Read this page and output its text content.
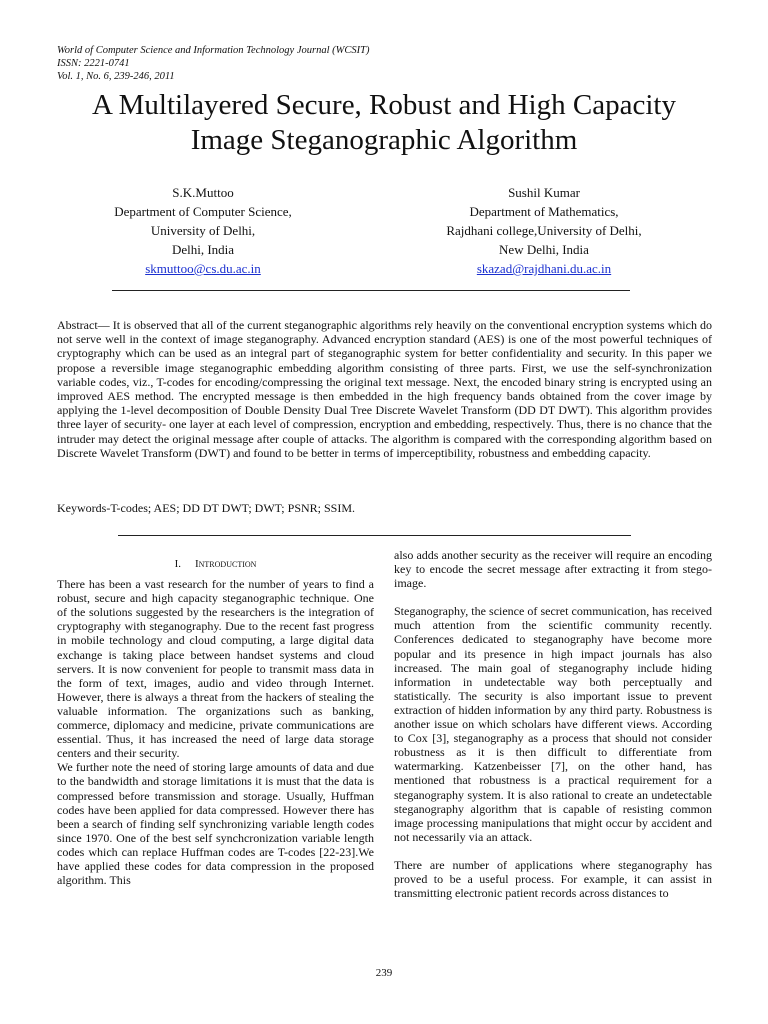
World of Computer Science and Information Technology Journal (WCSIT)
ISSN: 2221-0741
Vol. 1, No. 6, 239-246, 2011
A Multilayered Secure, Robust and High Capacity
Image Steganographic Algorithm
S.K.Muttoo
Department of Computer Science,
University of Delhi,
Delhi, India
skmuttoo@cs.du.ac.in
Sushil Kumar
Department of Mathematics,
Rajdhani college,University of Delhi,
New Delhi, India
skazad@rajdhani.du.ac.in
Abstract— It is observed that all of the current steganographic algorithms rely heavily on the conventional encryption systems which do not serve well in the context of image steganography. Advanced encryption standard (AES) is one of the most powerful techniques of cryptography which can be used as an integral part of steganographic system for better confidentiality and security. In this paper we propose a reversible image steganographic embedding algorithm consisting of three parts. First, we use the self-synchronization variable codes, viz., T-codes for encoding/compressing the original text message. Next, the encoded binary string is encrypted using an improved AES method. The encrypted message is then embedded in the high frequency bands obtained from the cover image by applying the 1-level decomposition of Double Density Dual Tree Discrete Wavelet Transform (DD DT DWT). This algorithm provides three layer of security- one layer at each level of compression, encryption and embedding, respectively. Thus, there is no chance that the intruder may detect the original message after couple of attacks. The algorithm is compared with the corresponding algorithm based on Discrete Wavelet Transform (DWT) and found to be better in terms of imperceptibility, robustness and embedding capacity.
Keywords-T-codes; AES; DD DT DWT; DWT; PSNR; SSIM.
I. Introduction

There has been a vast research for the number of years to find a robust, secure and high capacity steganographic technique. One of the solutions suggested by the researchers is the integration of cryptography with steganography. Due to the recent fast progress in mobile technology and cloud computing, a large digital data exchange is taking place between handset systems and cloud servers. It is now convenient for people to transmit mass data in the form of text, images, audio and video through Internet. However, there is always a threat from the hackers of stealing the valuable information. The organizations such as banking, commerce, diplomacy and medicine, private communications are essential. Thus, it has increased the need of large data storage centers and their security.

We further note the need of storing large amounts of data and due to the bandwidth and storage limitations it is must that the data is compressed before transmission and storage. Usually, Huffman codes have been applied for data compressed. However there has been a search of finding self synchronizing variable length codes since 1970. One of the best self synchcronization variable length codes which can replace Huffman codes are T-codes [22-23].We have applied these codes for data compression in the proposed algorithm. This

also adds another security as the receiver will require an encoding key to encode the secret message after extracting it from stego-image.

Steganography, the science of secret communication, has received much attention from the scientific community recently. Conferences dedicated to steganography have become more popular and its presence in high impact journals has also increased. The main goal of steganography include hiding information in undetectable way both perceptually and statistically. The security is also important issue to prevent extraction of hidden information by any third party. Robustness is another issue on which scholars have different views. According to Cox [3], steganography as a process that should not consider robustness as it is then difficult to differentiate from watermarking. Katzenbeisser [7], on the other hand, has mentioned that robustness is a practical requirement for a steganography system. It is also rational to create an undetectable steganography algorithm that is capable of resisting common image processing manipulations that might occur by accident and not necessarily via an attack.

There are number of applications where steganography has proved to be a useful process. For example, it can assist in transmitting electronic patient records across distances to

239
